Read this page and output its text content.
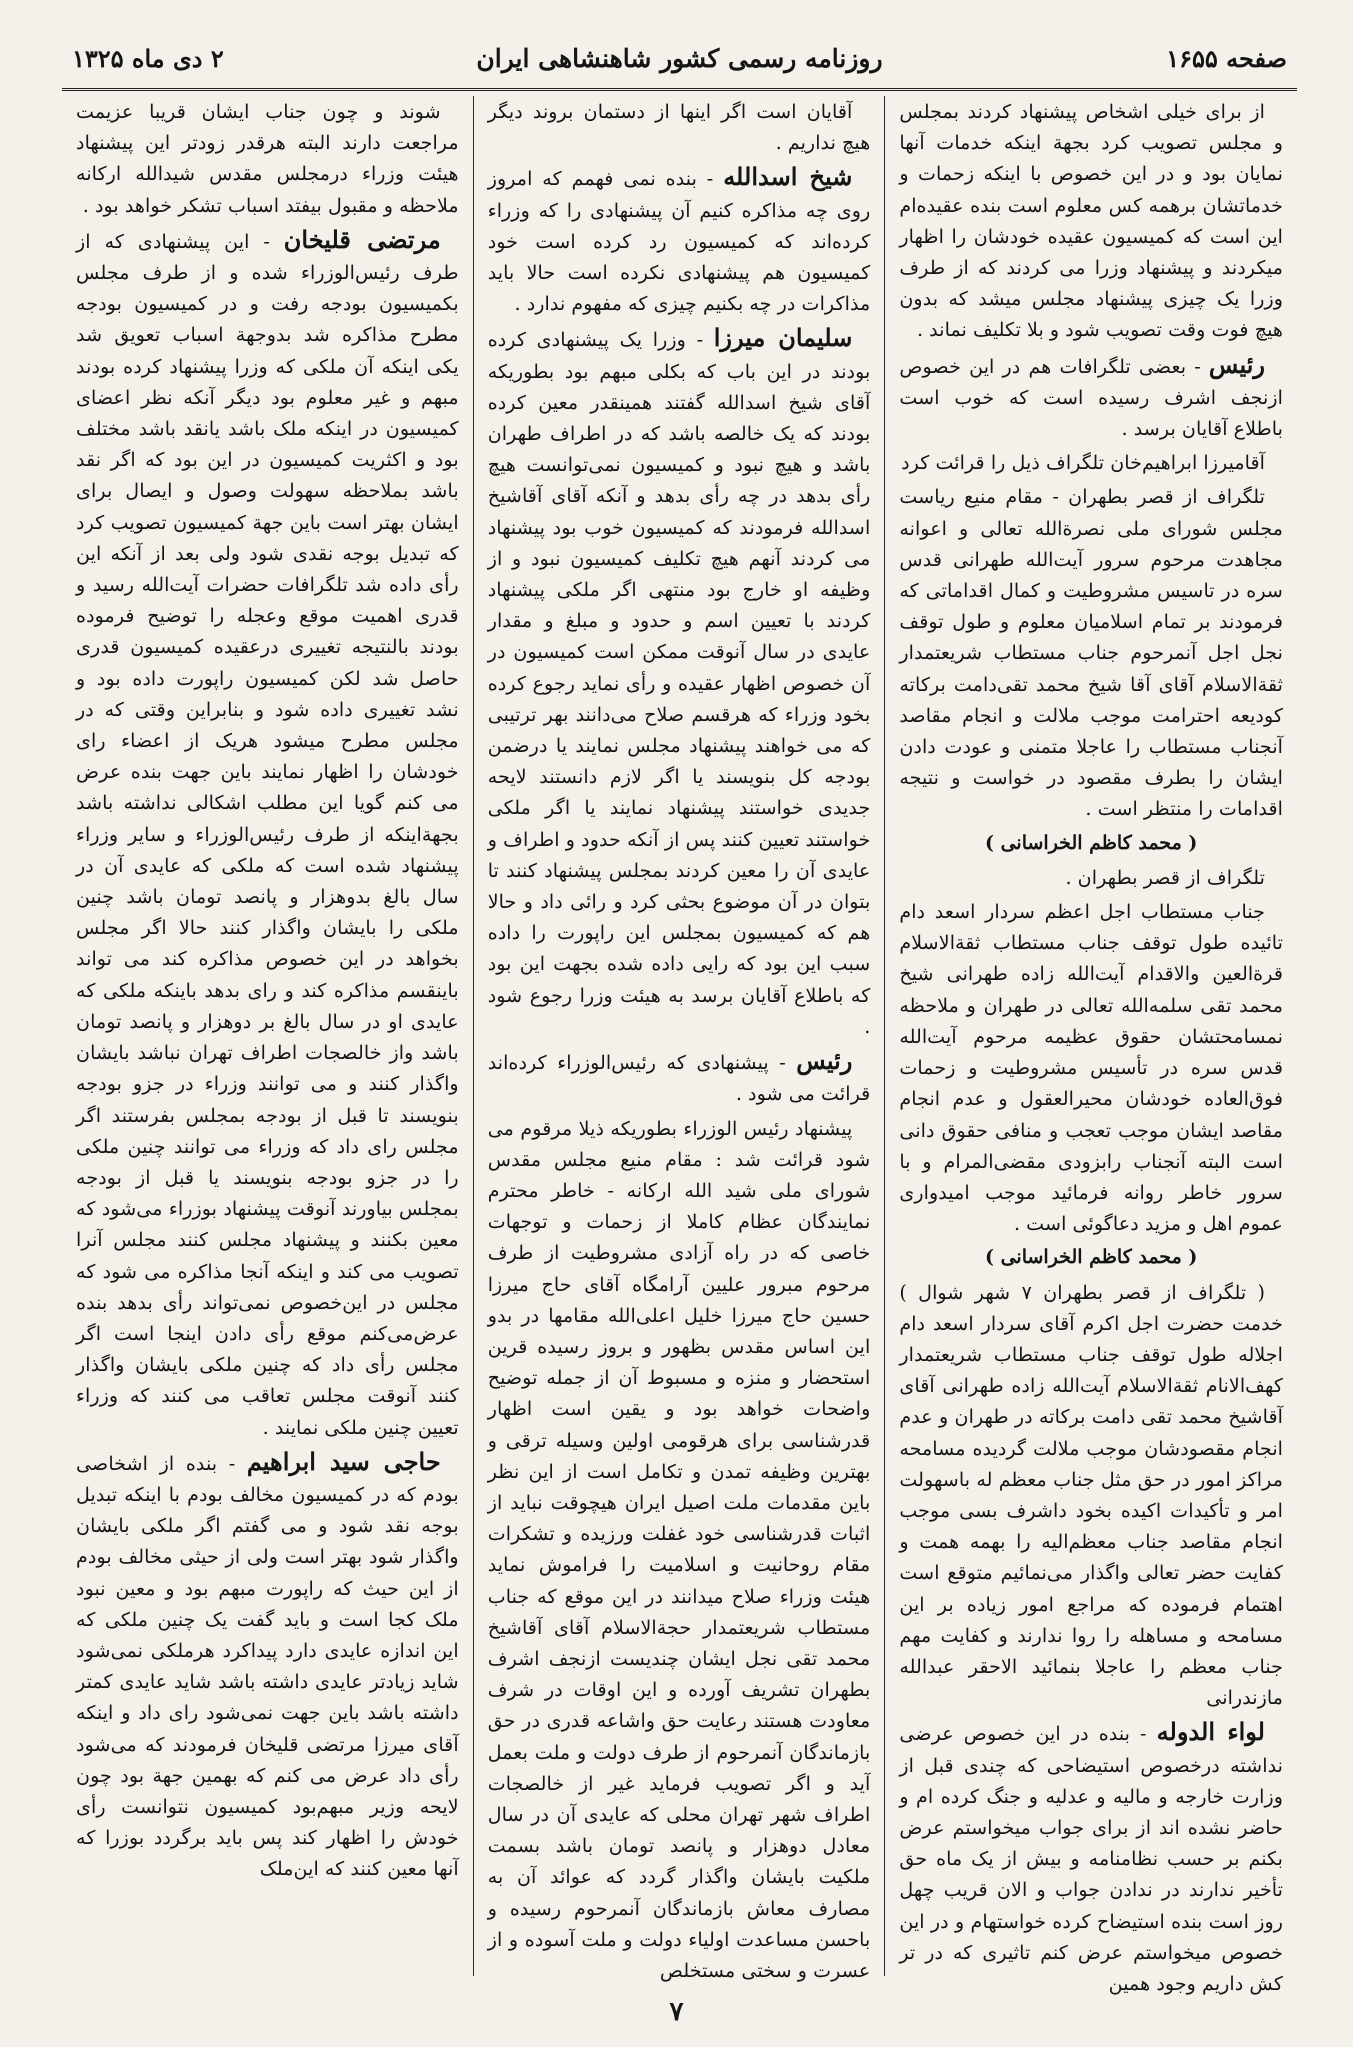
صفحه ۱۶۵۵
روزنامه رسمی کشور شاهنشاهی ایران
۲ دی ماه ۱۳۲۵

از برای خیلی اشخاص پیشنهاد کردند بمجلس و مجلس تصویب کرد بجهة اینکه خدمات آنها نمایان بود و در این خصوص با اینکه زحمات و خدماتشان برهمه کس معلوم است بنده عقیده‌ام این است که کمیسیون عقیده خودشان را اظهار میکردند و پیشنهاد وزرا می کردند که از طرف وزرا یک چیزی پیشنهاد مجلس میشد که بدون هیچ فوت وقت تصویب شود و بلا تکلیف نماند .

رئیس - بعضی تلگرافات هم در این خصوص ازنجف اشرف رسیده است که خوب است باطلاع آقایان برسد .

آقامیرزا ابراهیم‌خان تلگراف ذیل را قرائت کرد

تلگراف از قصر بطهران - مقام منیع ریاست مجلس شورای ملی نصرةالله تعالی و اعوانه مجاهدت مرحوم سرور آیت‌الله طهرانی قدس سره در تاسیس مشروطیت و کمال اقداماتی که فرمودند بر تمام اسلامیان معلوم و طول توقف نجل اجل آنمرحوم جناب مستطاب شریعتمدار ثقة‌الاسلام آقای آقا شیخ محمد تقی‌دامت برکاته کودیعه احترامت موجب ملالت و انجام مقاصد آنجناب مستطاب را عاجلا متمنی و عودت دادن ایشان را بطرف مقصود در خواست و نتیجه اقدامات را منتظر است .

( محمد کاظم الخراسانی )

تلگراف از قصر بطهران .

جناب مستطاب اجل اعظم سردار اسعد دام تائیده طول توقف جناب مستطاب ثقة‌الاسلام قرة‌العین والاقدام آیت‌الله زاده طهرانی شیخ محمد تقی سلمه‌الله تعالی در طهران و ملاحظه نمسامحتشان حقوق عظیمه مرحوم آیت‌الله قدس سره در تأسیس مشروطیت و زحمات فوق‌العاده خودشان محیرالعقول و عدم انجام مقاصد ایشان موجب تعجب و منافی حقوق دانی است البته آنجناب رابزودی مقضی‌المرام و با سرور خاطر روانه فرمائید موجب امیدواری عموم اهل و مزید دعاگوئی است .

( محمد کاظم الخراسانی )

( تلگراف از قصر بطهران ۷ شهر شوال ) خدمت حضرت اجل اکرم آقای سردار اسعد دام اجلاله طول توقف جناب مستطاب شریعتمدار کهف‌الانام ثقة‌الاسلام آیت‌الله زاده طهرانی آقای آقاشیخ محمد تقی دامت برکاته در طهران و عدم انجام مقصودشان موجب ملالت گردیده مسامحه مراکز امور در حق مثل جناب معظم له باسهولت امر و تأکیدات اکیده بخود داشرف بسی موجب انجام مقاصد جناب معظم‌الیه را بهمه همت و کفایت حضر تعالی واگذار می‌نمائیم متوقع است اهتمام فرموده که مراجع امور زیاده بر این مسامحه و مساهله را روا ندارند و کفایت مهم جناب معظم را عاجلا بنمائید الاحقر عبدالله مازندرانی

لواء الدوله - بنده در این خصوص عرضی نداشته درخصوص استیضاحی که چندی قبل از وزارت خارجه و مالیه و عدلیه و جنگ کرده ام و حاضر نشده اند از برای جواب میخواستم عرض بکنم بر حسب نظامنامه و بیش از یک ماه حق تأخیر ندارند در ندادن جواب و الان قریب چهل روز است بنده استیضاح کرده خواستهام و در این خصوص میخواستم عرض کنم تاثیری که در تر کش داریم وجود همین

آقایان است اگر اینها از دستمان بروند دیگر هیچ نداریم .

شیخ اسدالله - بنده نمی فهمم که امروز روی چه مذاکره کنیم آن پیشنهادی را که وزراء کرده‌اند که کمیسیون رد کرده است خود کمیسیون هم پیشنهادی نکرده است حالا باید مذاکرات در چه بکنیم چیزی که مفهوم ندارد .

سلیمان میرزا - وزرا یک پیشنهادی کرده بودند در این باب که بکلی مبهم بود بطوریکه آقای شیخ اسدالله گفتند همینقدر معین کرده بودند که یک خالصه باشد که در اطراف طهران باشد و هیچ نبود و کمیسیون نمی‌توانست هیچ رأی بدهد در چه رأی بدهد و آنکه آقای آقاشیخ اسدالله فرمودند که کمیسیون خوب بود پیشنهاد می کردند آنهم هیچ تکلیف کمیسیون نبود و از وظیفه او خارج بود منتهی اگر ملکی پیشنهاد کردند با تعیین اسم و حدود و مبلغ و مقدار عایدی در سال آنوقت ممکن است کمیسیون در آن خصوص اظهار عقیده و رأی نماید رجوع کرده بخود وزراء که هرقسم صلاح می‌دانند بهر ترتیبی که می خواهند پیشنهاد مجلس نمایند یا درضمن بودجه کل بنویسند یا اگر لازم دانستند لایحه جدیدی خواستند پیشنهاد نمایند یا اگر ملکی خواستند تعیین کنند پس از آنکه حدود و اطراف و عایدی آن را معین کردند بمجلس پیشنهاد کنند تا بتوان در آن موضوع بحثی کرد و رائی داد و حالا هم که کمیسیون بمجلس این راپورت را داده سبب این بود که رایی داده شده بجهت این بود که باطلاع آقایان برسد به هیئت وزرا رجوع شود .

رئیس - پیشنهادی که رئیس‌الوزراء کرده‌اند قرائت می شود .

پیشنهاد رئیس الوزراء بطوریکه ذیلا مرقوم می شود قرائت شد : مقام منیع مجلس مقدس شورای ملی شید الله ارکانه - خاطر محترم نمایندگان عظام کاملا از زحمات و توجهات خاصی که در راه آزادی مشروطیت از طرف مرحوم مبرور علیین آرامگاه آقای حاج میرزا حسین حاج میرزا خلیل اعلی‌الله مقامها در بدو این اساس مقدس بظهور و بروز رسیده قرین استحضار و منزه و مسبوط آن از جمله توضیح واضحات خواهد بود و یقین است اظهار قدرشناسی برای هرقومی اولین وسیله ترقی و بهترین وظیفه تمدن و تکامل است از این نظر باین مقدمات ملت اصیل ایران هیچوقت نباید از اثبات قدرشناسی خود غفلت ورزیده و تشکرات مقام روحانیت و اسلامیت را فراموش نماید هیئت وزراء صلاح میدانند در این موقع که جناب مستطاب شریعتمدار حجة‌الاسلام آقای آقاشیخ محمد تقی نجل ایشان چندیست ازنجف اشرف بطهران تشریف آورده و این اوقات در شرف معاودت هستند رعایت حق واشاعه قدری در حق بازماندگان آنمرحوم از طرف دولت و ملت بعمل آید و اگر تصویب فرماید غیر از خالصجات اطراف شهر تهران محلی که عایدی آن در سال معادل دوهزار و پانصد تومان باشد بسمت ملکیت بایشان واگذار گردد که عوائد آن به مصارف معاش بازماندگان آنمرحوم رسیده و باحسن مساعدت اولیاء دولت و ملت آسوده و از عسرت و سختی مستخلص

شوند و چون جناب ایشان قریبا عزیمت مراجعت دارند البته هرقدر زودتر این پیشنهاد هیئت وزراء درمجلس مقدس شیدالله ارکانه ملاحظه و مقبول بیفتد اسباب تشکر خواهد بود .

مرتضی قلیخان - این پیشنهادی که از طرف رئیس‌الوزراء شده و از طرف مجلس بکمیسیون بودجه رفت و در کمیسیون بودجه مطرح مذاکره شد بدوجهة اسباب تعویق شد یکی اینکه آن ملکی که وزرا پیشنهاد کرده بودند مبهم و غیر معلوم بود دیگر آنکه نظر اعضای کمیسیون در اینکه ملک باشد یانقد باشد مختلف بود و اکثریت کمیسیون در این بود که اگر نقد باشد بملاحظه سهولت وصول و ایصال برای ایشان بهتر است باین جهة کمیسیون تصویب کرد که تبدیل بوجه نقدی شود ولی بعد از آنکه این رأی داده شد تلگرافات حضرات آیت‌الله رسید و قدری اهمیت موقع وعجله را توضیح فرموده بودند بالنتیجه تغییری درعقیده کمیسیون قدری حاصل شد لکن کمیسیون راپورت داده بود و نشد تغییری داده شود و بنابراین وقتی که در مجلس مطرح میشود هریک از اعضاء رای خودشان را اظهار نمایند باین جهت بنده عرض می کنم گویا این مطلب اشکالی نداشته باشد بجهةاینکه از طرف رئیس‌الوزراء و سایر وزراء پیشنهاد شده است که ملکی که عایدی آن در سال بالغ بدوهزار و پانصد تومان باشد چنین ملکی را بایشان واگذار کنند حالا اگر مجلس بخواهد در این خصوص مذاکره کند می تواند باینقسم مذاکره کند و رای بدهد باینکه ملکی که عایدی او در سال بالغ بر دوهزار و پانصد تومان باشد واز خالصجات اطراف تهران نباشد بایشان واگذار کنند و می توانند وزراء در جزو بودجه بنویسند تا قبل از بودجه بمجلس بفرستند اگر مجلس رای داد که وزراء می توانند چنین ملکی را در جزو بودجه بنویسند یا قبل از بودجه بمجلس بیاورند آنوقت پیشنهاد بوزراء می‌شود که معین بکنند و پیشنهاد مجلس کنند مجلس آنرا تصویب می کند و اینکه آنجا مذاکره می شود که مجلس در این‌خصوص نمی‌تواند رأی بدهد بنده عرض‌می‌کنم موقع رأی دادن اینجا است اگر مجلس رأی داد که چنین ملکی بایشان واگذار کنند آنوقت مجلس تعاقب می کنند که وزراء تعیین چنین ملکی نمایند .

حاجی سید ابراهیم - بنده از اشخاصی بودم که در کمیسیون مخالف بودم با اینکه تبدیل بوجه نقد شود و می گفتم اگر ملکی بایشان واگذار شود بهتر است ولی از حیثی مخالف بودم از این حیث که راپورت مبهم بود و معین نبود ملک کجا است و باید گفت یک چنین ملکی که این اندازه عایدی دارد پیداکرد هرملکی نمی‌شود شاید زیادتر عایدی داشته باشد شاید عایدی کمتر داشته باشد باین جهت نمی‌شود رای داد و اینکه آقای میرزا مرتضی قلیخان فرمودند که می‌شود رأی داد عرض می کنم که بهمین جهة بود چون لایحه وزیر مبهم‌بود کمیسیون نتوانست رأی خودش را اظهار کند پس باید برگردد بوزرا که آنها معین کنند که این‌ملک

۷
